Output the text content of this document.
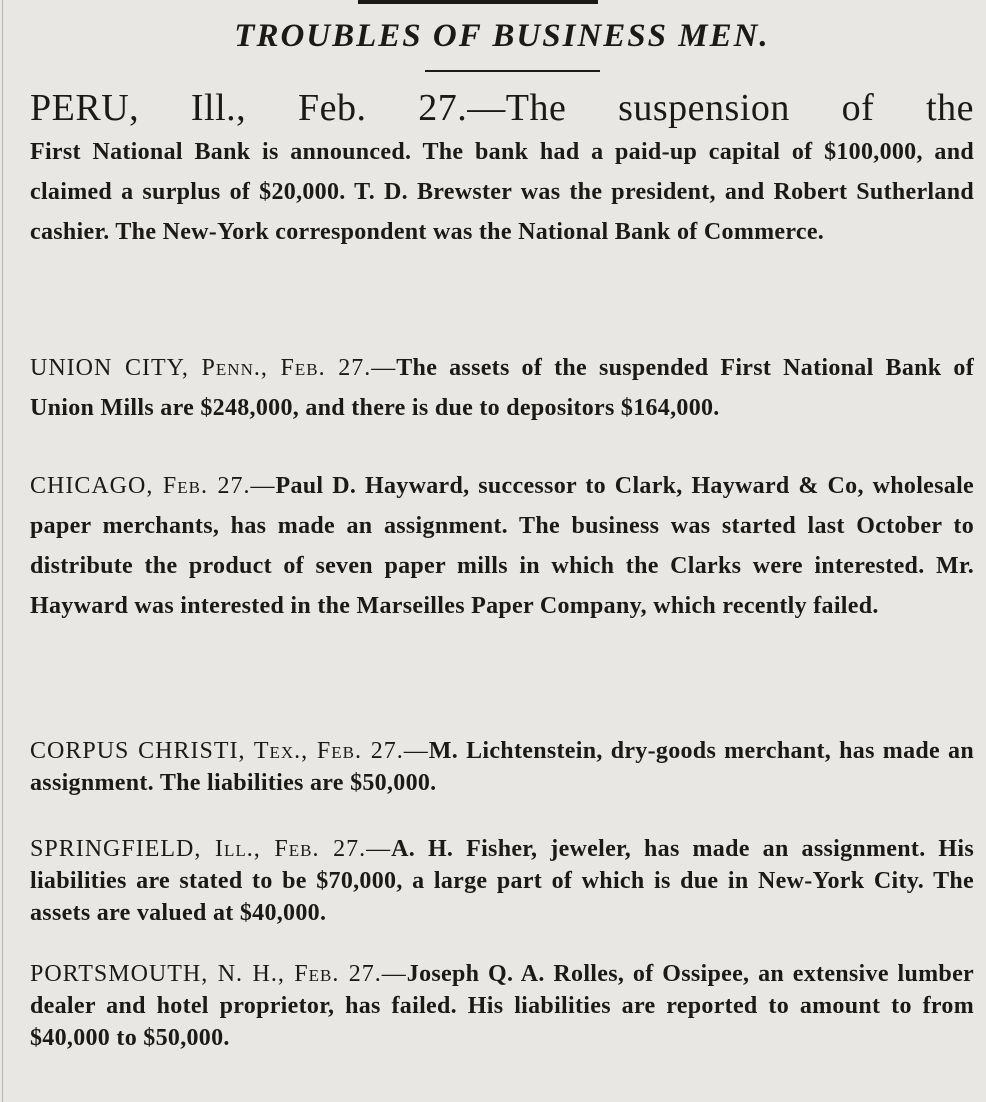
TROUBLES OF BUSINESS MEN.

PERU, Ill., Feb. 27.—The suspension of the
First National Bank is announced. The bank had a paid-up capital of $100,000, and claimed a surplus of $20,000. T. D. Brewster was the president, and Robert Sutherland cashier. The New-York correspondent was the National Bank of Commerce.

UNION CITY, Penn., Feb. 27.—The assets of the suspended First National Bank of Union Mills are $248,000, and there is due to depositors $164,000.

CHICAGO, Feb. 27.—Paul D. Hayward, successor to Clark, Hayward & Co, wholesale paper merchants, has made an assignment. The business was started last October to distribute the product of seven paper mills in which the Clarks were interested. Mr. Hayward was interested in the Marseilles Paper Company, which recently failed.

CORPUS CHRISTI, Tex., Feb. 27.—M. Lichtenstein, dry-goods merchant, has made an assignment. The liabilities are $50,000.

SPRINGFIELD, Ill., Feb. 27.—A. H. Fisher, jeweler, has made an assignment. His liabilities are stated to be $70,000, a large part of which is due in New-York City. The assets are valued at $40,000.

PORTSMOUTH, N. H., Feb. 27.—Joseph Q. A. Rolles, of Ossipee, an extensive lumber dealer and hotel proprietor, has failed. His liabilities are reported to amount to from $40,000 to $50,000.
